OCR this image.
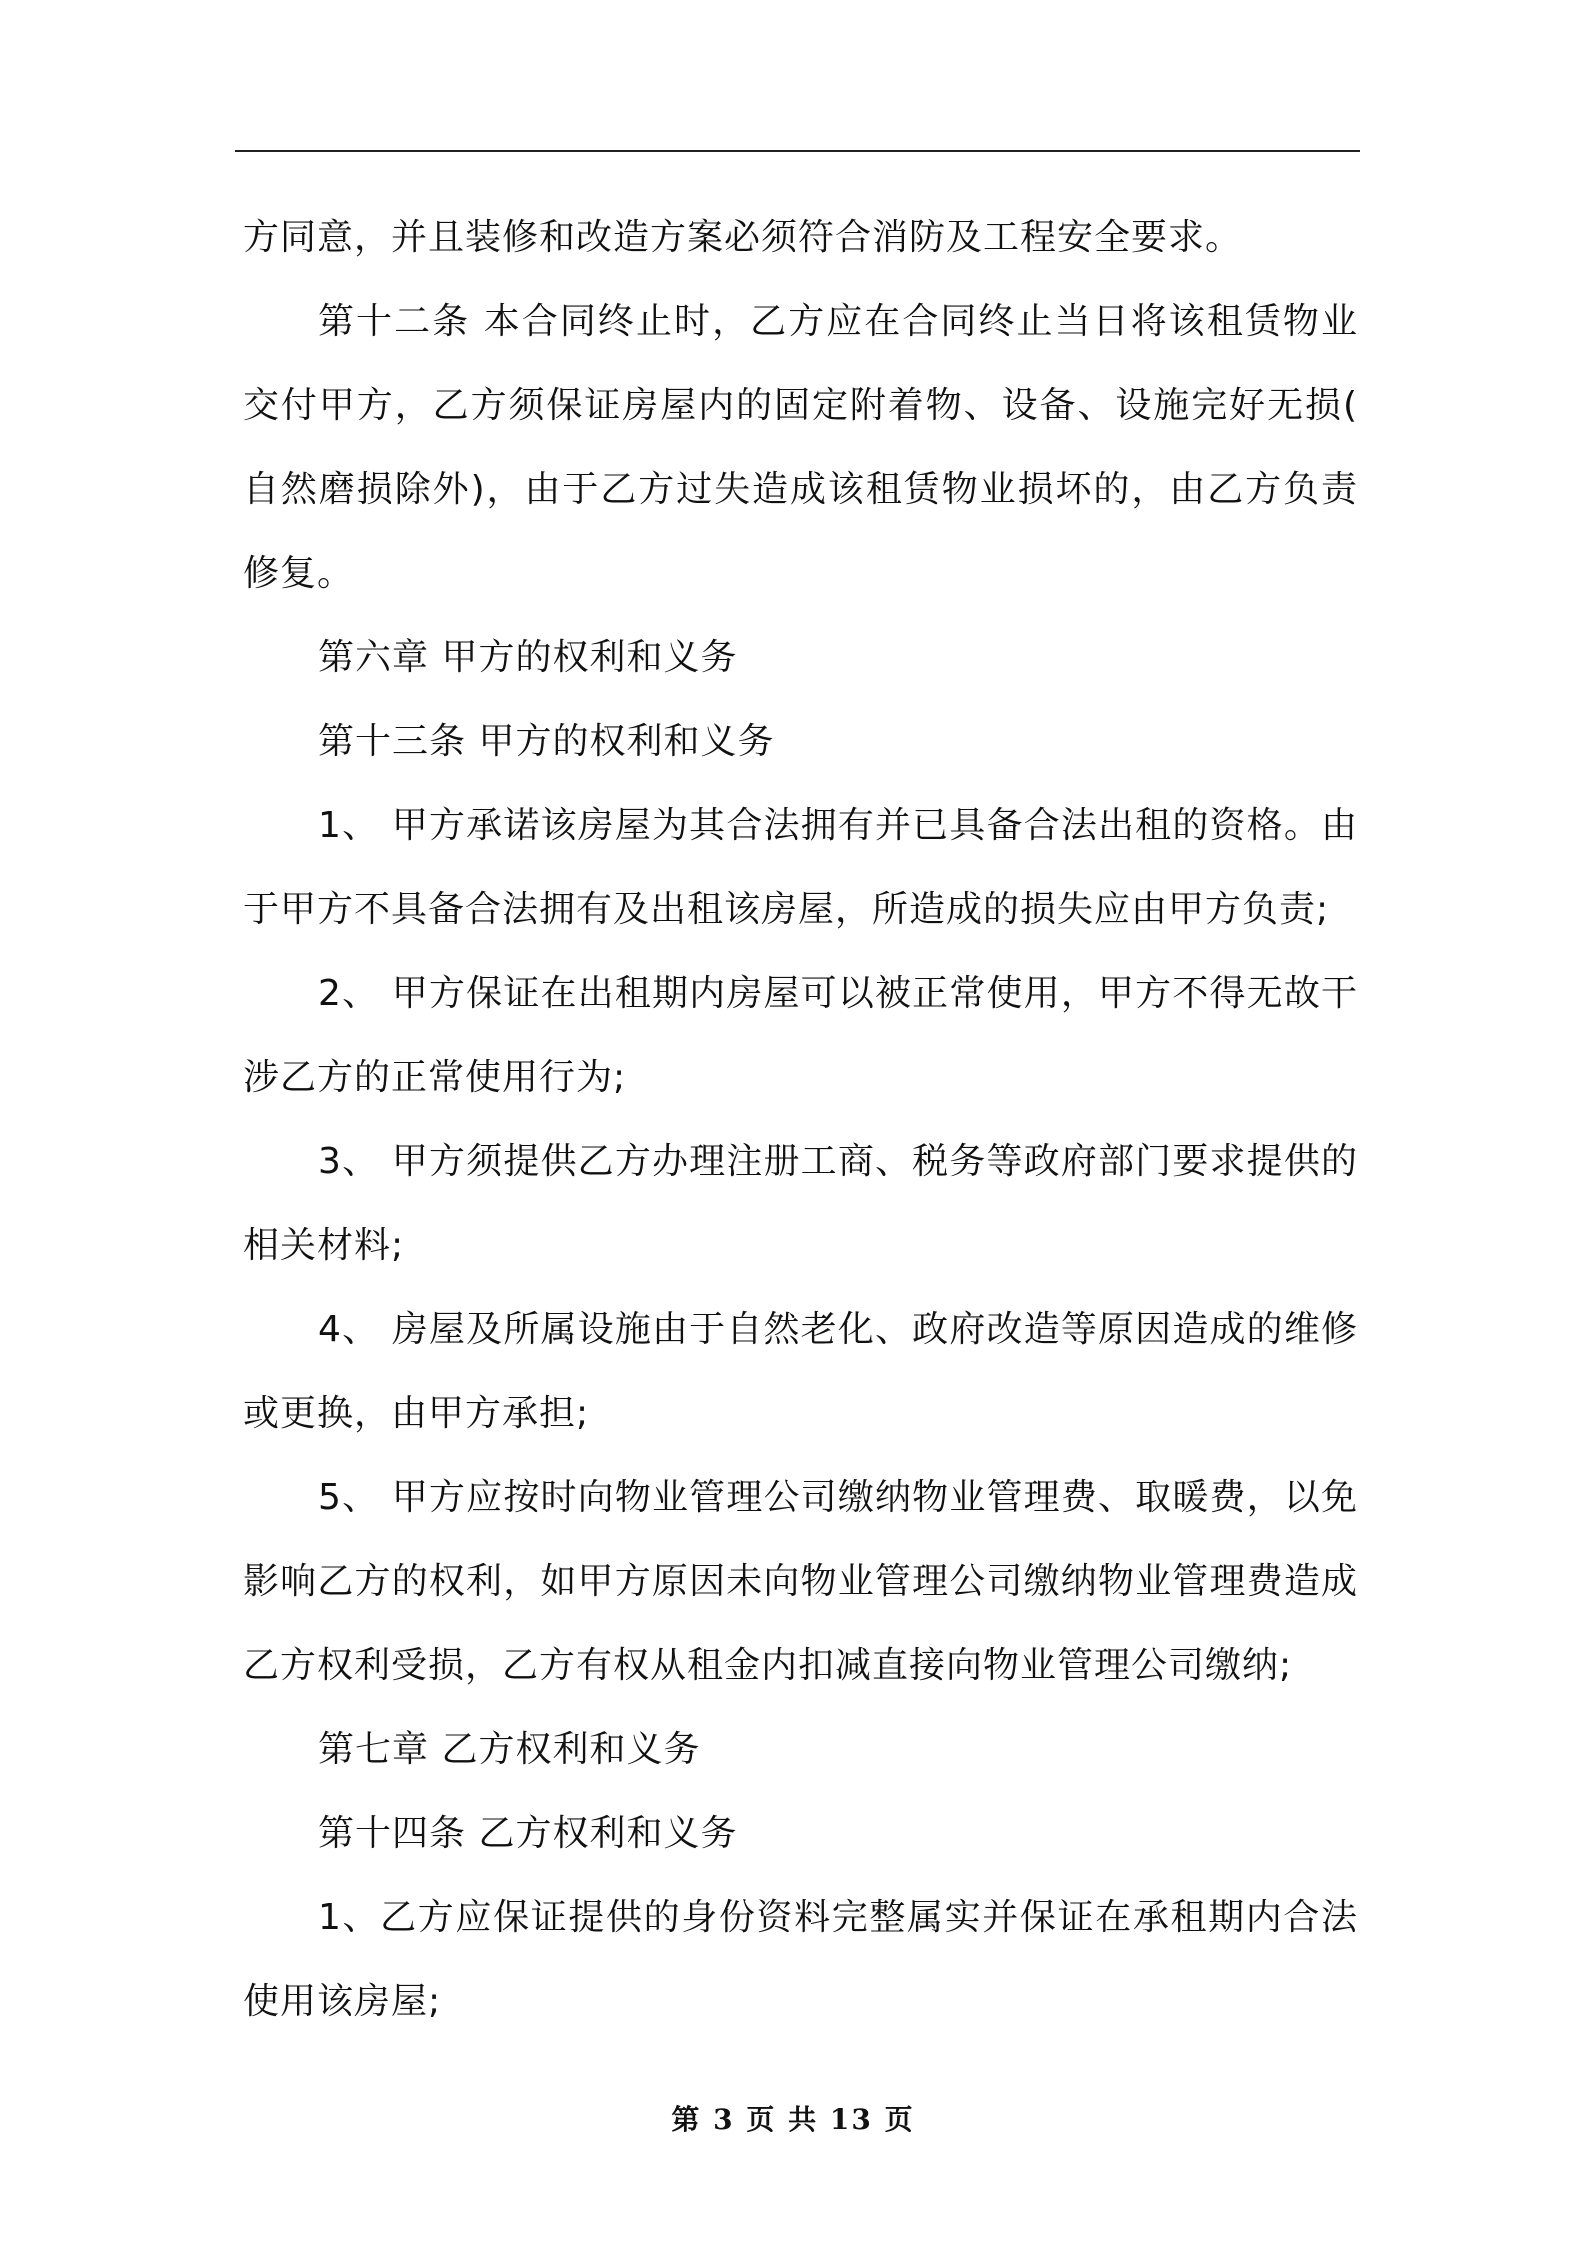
方同意，并且装修和改造方案必须符合消防及工程安全要求。

第十二条 本合同终止时，乙方应在合同终止当日将该租赁物业交付甲方，乙方须保证房屋内的固定附着物、设备、设施完好无损(自然磨损除外)，由于乙方过失造成该租赁物业损坏的，由乙方负责修复。

第六章 甲方的权利和义务

第十三条 甲方的权利和义务

1、 甲方承诺该房屋为其合法拥有并已具备合法出租的资格。由于甲方不具备合法拥有及出租该房屋，所造成的损失应由甲方负责;

2、 甲方保证在出租期内房屋可以被正常使用，甲方不得无故干涉乙方的正常使用行为;

3、 甲方须提供乙方办理注册工商、税务等政府部门要求提供的相关材料;

4、 房屋及所属设施由于自然老化、政府改造等原因造成的维修或更换，由甲方承担;

5、 甲方应按时向物业管理公司缴纳物业管理费、取暖费，以免影响乙方的权利，如甲方原因未向物业管理公司缴纳物业管理费造成乙方权利受损，乙方有权从租金内扣减直接向物业管理公司缴纳;

第七章 乙方权利和义务

第十四条 乙方权利和义务

1、乙方应保证提供的身份资料完整属实并保证在承租期内合法使用该房屋;

第 3 页 共 13 页
